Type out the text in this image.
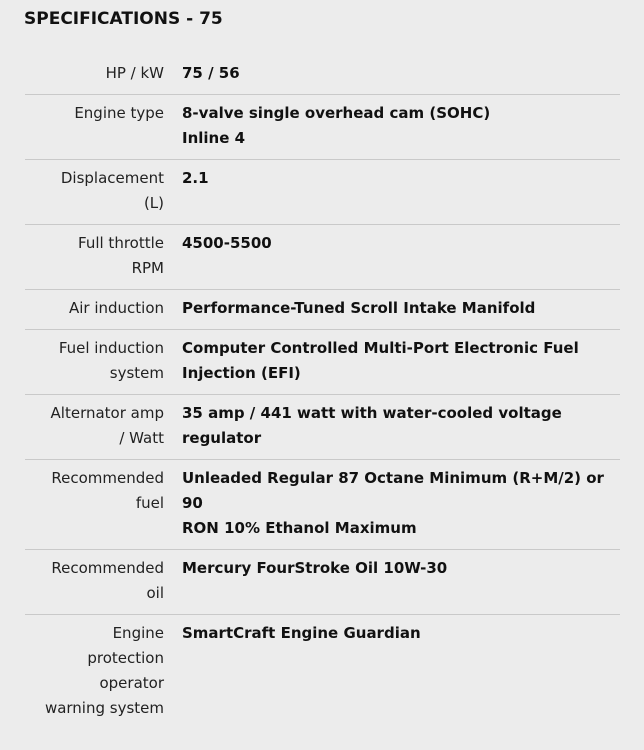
SPECIFICATIONS - 75
HP / kW 75 / 56
Engine type 8-valve single overhead cam (SOHC)
Inline 4
Displacement
(L)
2.1
Full throttle
RPM
4500-5500
Air induction Performance-Tuned Scroll Intake Manifold
Fuel induction
system
Computer Controlled Multi-Port Electronic Fuel
Injection (EFI)
Alternator amp
/ Watt
35 amp / 441 watt with water-cooled voltage
regulator
Recommended
fuel
Unleaded Regular 87 Octane Minimum (R+M/2) or 90
RON 10% Ethanol Maximum
Recommended
oil
Mercury FourStroke Oil 10W-30
Engine
protection
operator
warning system
SmartCraft Engine Guardian
